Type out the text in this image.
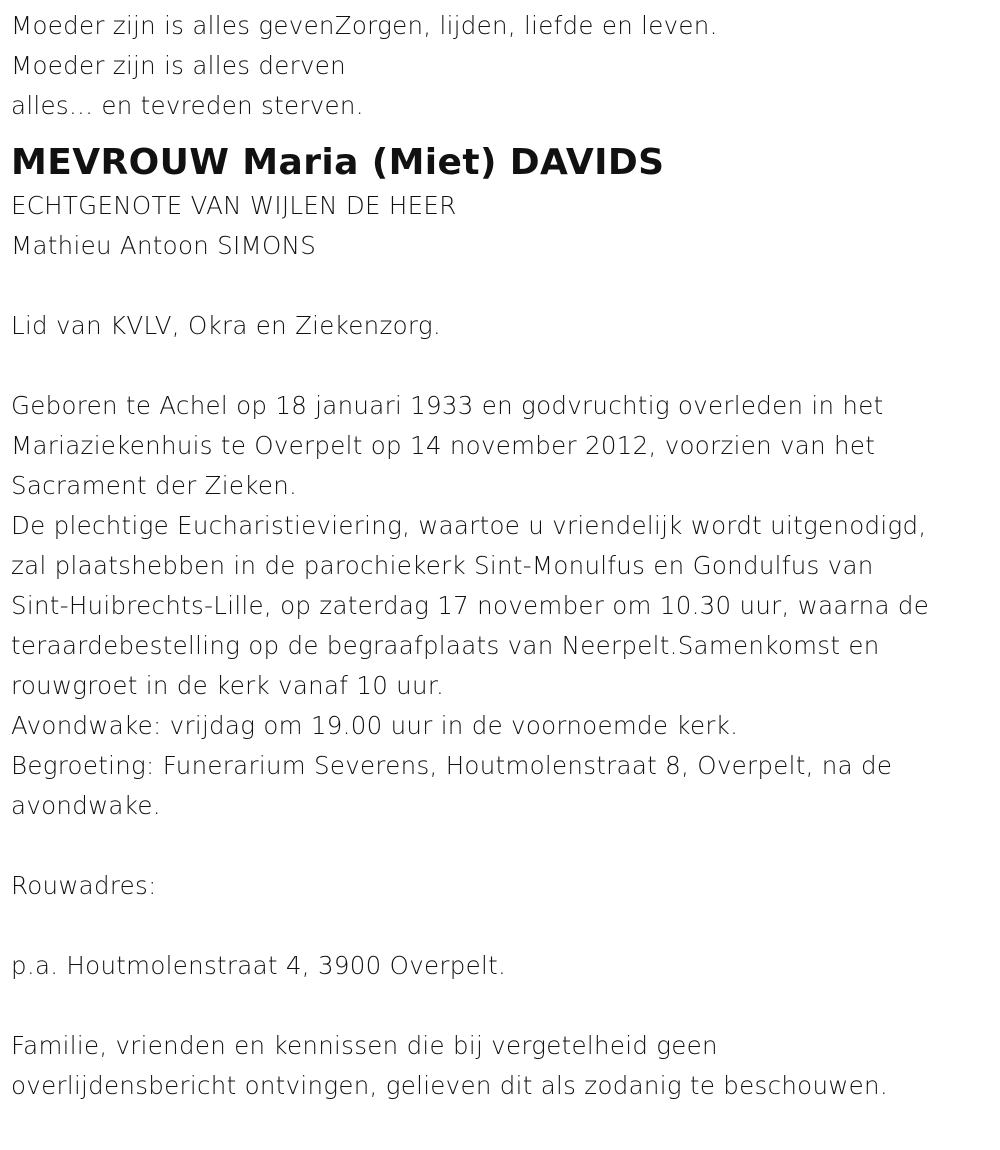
Moeder zijn is alles gevenZorgen, lijden, liefde en leven.
Moeder zijn is alles derven
alles... en tevreden sterven.
MEVROUW Maria (Miet) DAVIDS
ECHTGENOTE VAN WIJLEN DE HEER
Mathieu Antoon SIMONS
Lid van KVLV, Okra en Ziekenzorg.
Geboren te Achel op 18 januari 1933 en godvruchtig overleden in het
Mariaziekenhuis te Overpelt op 14 november 2012, voorzien van het
Sacrament der Zieken.
De plechtige Eucharistieviering, waartoe u vriendelijk wordt uitgenodigd,
zal plaatshebben in de parochiekerk Sint-Monulfus en Gondulfus van
Sint-Huibrechts-Lille, op zaterdag 17 november om 10.30 uur, waarna de
teraardebestelling op de begraafplaats van Neerpelt.Samenkomst en
rouwgroet in de kerk vanaf 10 uur.
Avondwake: vrijdag om 19.00 uur in de voornoemde kerk.
Begroeting: Funerarium Severens, Houtmolenstraat 8, Overpelt, na de
avondwake.
Rouwadres:
p.a. Houtmolenstraat 4, 3900 Overpelt.
Familie, vrienden en kennissen die bij vergetelheid geen
overlijdensbericht ontvingen, gelieven dit als zodanig te beschouwen.
